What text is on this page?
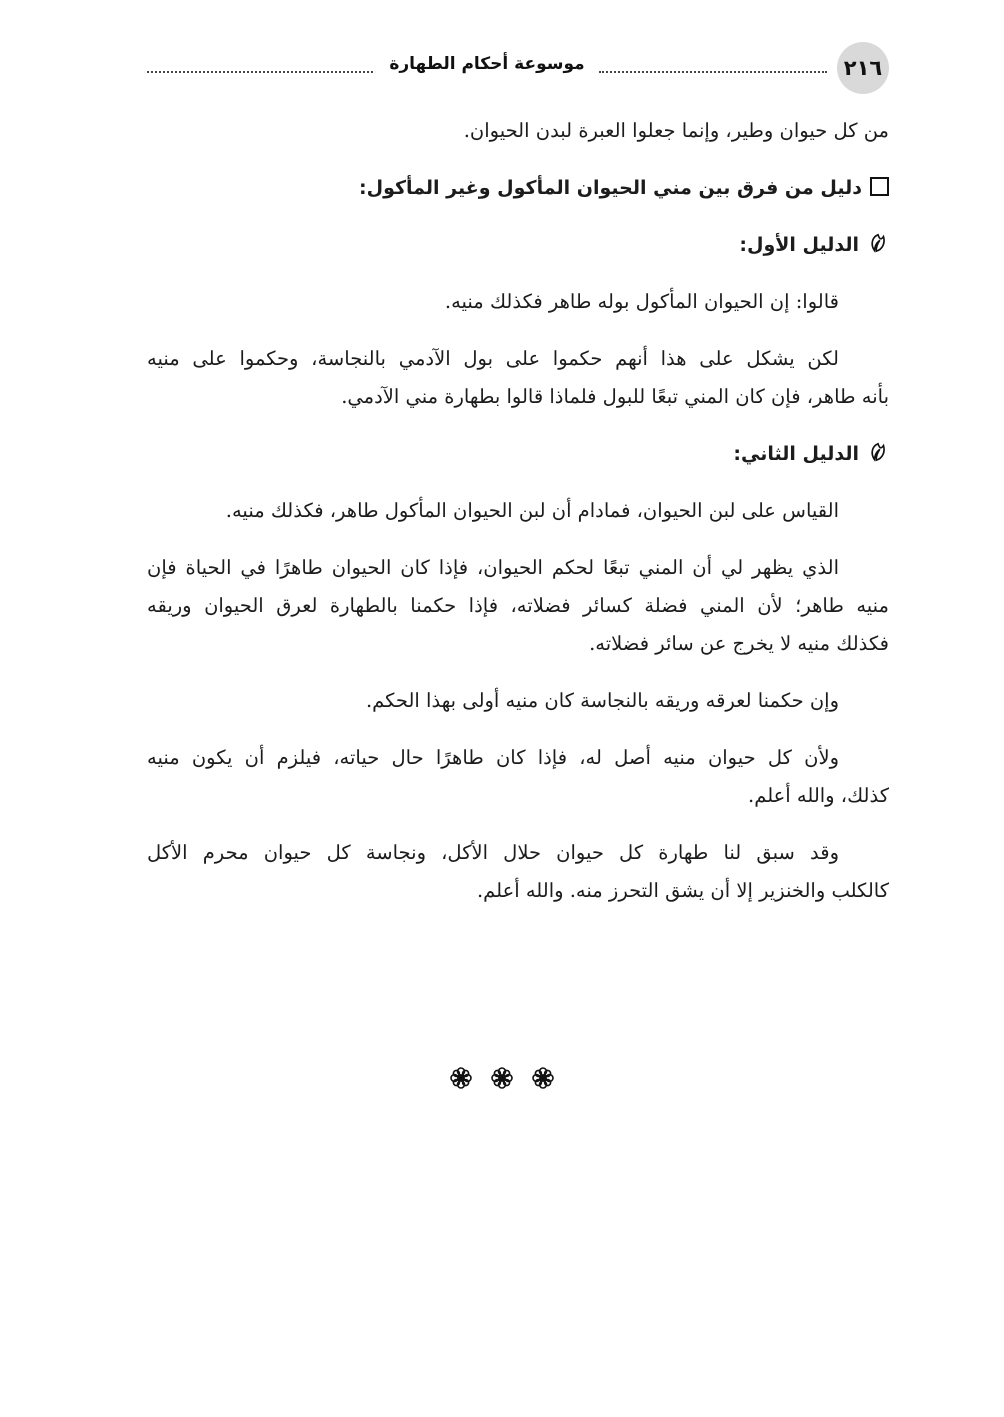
٢١٦
موسوعة أحكام الطهارة
من كل حيوان وطير، وإنما جعلوا العبرة لبدن الحيوان.
دليل من فرق بين مني الحيوان المأكول وغير المأكول:
الدليل الأول:
قالوا: إن الحيوان المأكول بوله طاهر فكذلك منيه.
لكن يشكل على هذا أنهم حكموا على بول الآدمي بالنجاسة، وحكموا على منيه
بأنه طاهر، فإن كان المني تبعًا للبول فلماذا قالوا بطهارة مني الآدمي.
الدليل الثاني:
القياس على لبن الحيوان، فمادام أن لبن الحيوان المأكول طاهر، فكذلك منيه.
الذي يظهر لي أن المني تبعًا لحكم الحيوان، فإذا كان الحيوان طاهرًا في الحياة فإن
منيه طاهر؛ لأن المني فضلة كسائر فضلاته، فإذا حكمنا بالطهارة لعرق الحيوان وريقه
فكذلك منيه لا يخرج عن سائر فضلاته.
وإن حكمنا لعرقه وريقه بالنجاسة كان منيه أولى بهذا الحكم.
ولأن كل حيوان منيه أصل له، فإذا كان طاهرًا حال حياته، فيلزم أن يكون منيه
كذلك، والله أعلم.
وقد سبق لنا طهارة كل حيوان حلال الأكل، ونجاسة كل حيوان محرم الأكل
كالكلب والخنزير إلا أن يشق التحرز منه. والله أعلم.
